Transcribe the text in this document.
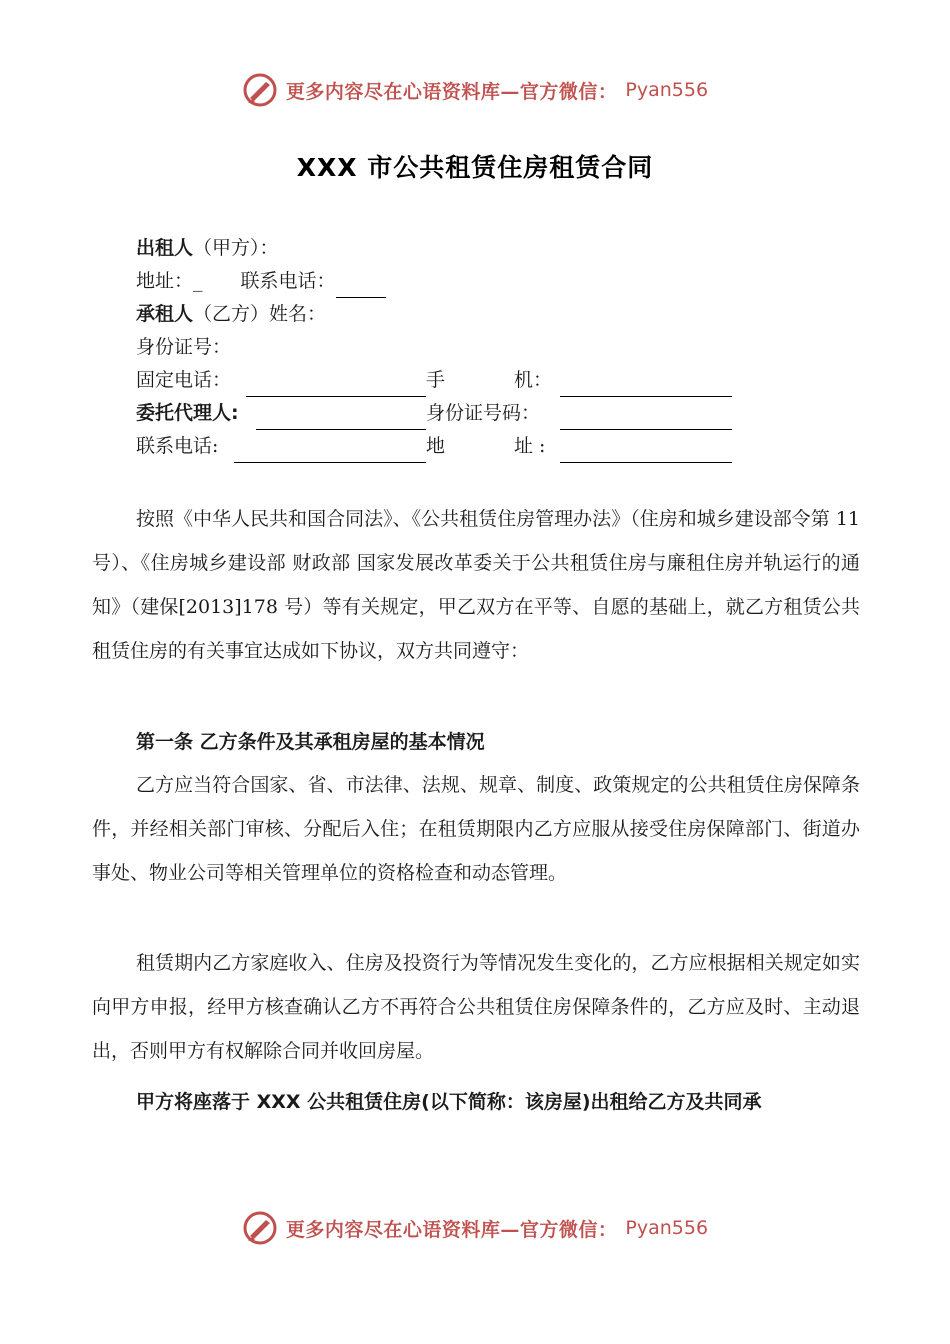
更多内容尽在心语资料库—官方微信： Pyan556
XXX 市公共租赁住房租赁合同
出租人（甲方）：
地址：_ 联系电话：
承租人（乙方）姓名：
身份证号：
固定电话：	手	机：
委托代理人:	身份证号码：
联系电话:	地	址 :

按照《中华人民共和国合同法》、《公共租赁住房管理办法》（住房和城乡建设部令第 11 号）、《住房城乡建设部 财政部 国家发展改革委关于公共租赁住房与廉租住房并轨运行的通知》（建保[2013]178 号）等有关规定，甲乙双方在平等、自愿的基础上，就乙方租赁公共租赁住房的有关事宜达成如下协议，双方共同遵守：

第一条 乙方条件及其承租房屋的基本情况

乙方应当符合国家、省、市法律、法规、规章、制度、政策规定的公共租赁住房保障条件，并经相关部门审核、分配后入住；在租赁期限内乙方应服从接受住房保障部门、街道办事处、物业公司等相关管理单位的资格检查和动态管理。

租赁期内乙方家庭收入、住房及投资行为等情况发生变化的，乙方应根据相关规定如实向甲方申报，经甲方核查确认乙方不再符合公共租赁住房保障条件的，乙方应及时、主动退出，否则甲方有权解除合同并收回房屋。

甲方将座落于 XXX 公共租赁住房(以下简称：该房屋)出租给乙方及共同承
更多内容尽在心语资料库—官方微信： Pyan556
